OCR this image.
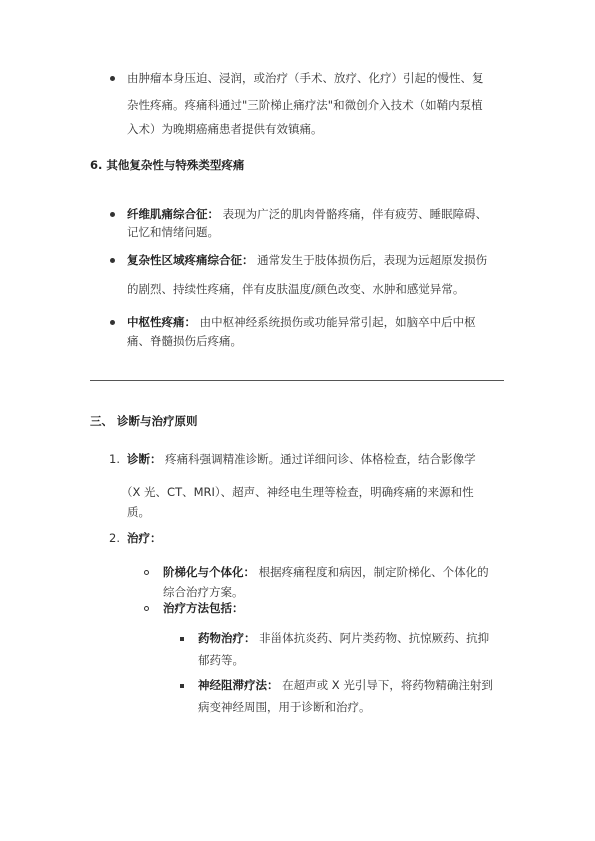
由肿瘤本身压迫、浸润，或治疗（手术、放疗、化疗）引起的慢性、复
杂性疼痛。疼痛科通过"三阶梯止痛疗法"和微创介入技术（如鞘内泵植
入术）为晚期癌痛患者提供有效镇痛。
6. 其他复杂性与特殊类型疼痛
纤维肌痛综合征： 表现为广泛的肌肉骨骼疼痛，伴有疲劳、睡眠障碍、
记忆和情绪问题。
复杂性区域疼痛综合征： 通常发生于肢体损伤后，表现为远超原发损伤
的剧烈、持续性疼痛，伴有皮肤温度/颜色改变、水肿和感觉异常。
中枢性疼痛： 由中枢神经系统损伤或功能异常引起，如脑卒中后中枢
痛、脊髓损伤后疼痛。
三、 诊断与治疗原则
1. 诊断： 疼痛科强调精准诊断。通过详细问诊、体格检查，结合影像学
（X 光、CT、MRI）、超声、神经电生理等检查，明确疼痛的来源和性
质。
2. 治疗：
阶梯化与个体化： 根据疼痛程度和病因，制定阶梯化、个体化的
综合治疗方案。
治疗方法包括：
药物治疗： 非甾体抗炎药、阿片类药物、抗惊厥药、抗抑
郁药等。
神经阻滞疗法： 在超声或 X 光引导下，将药物精确注射到
病变神经周围，用于诊断和治疗。
